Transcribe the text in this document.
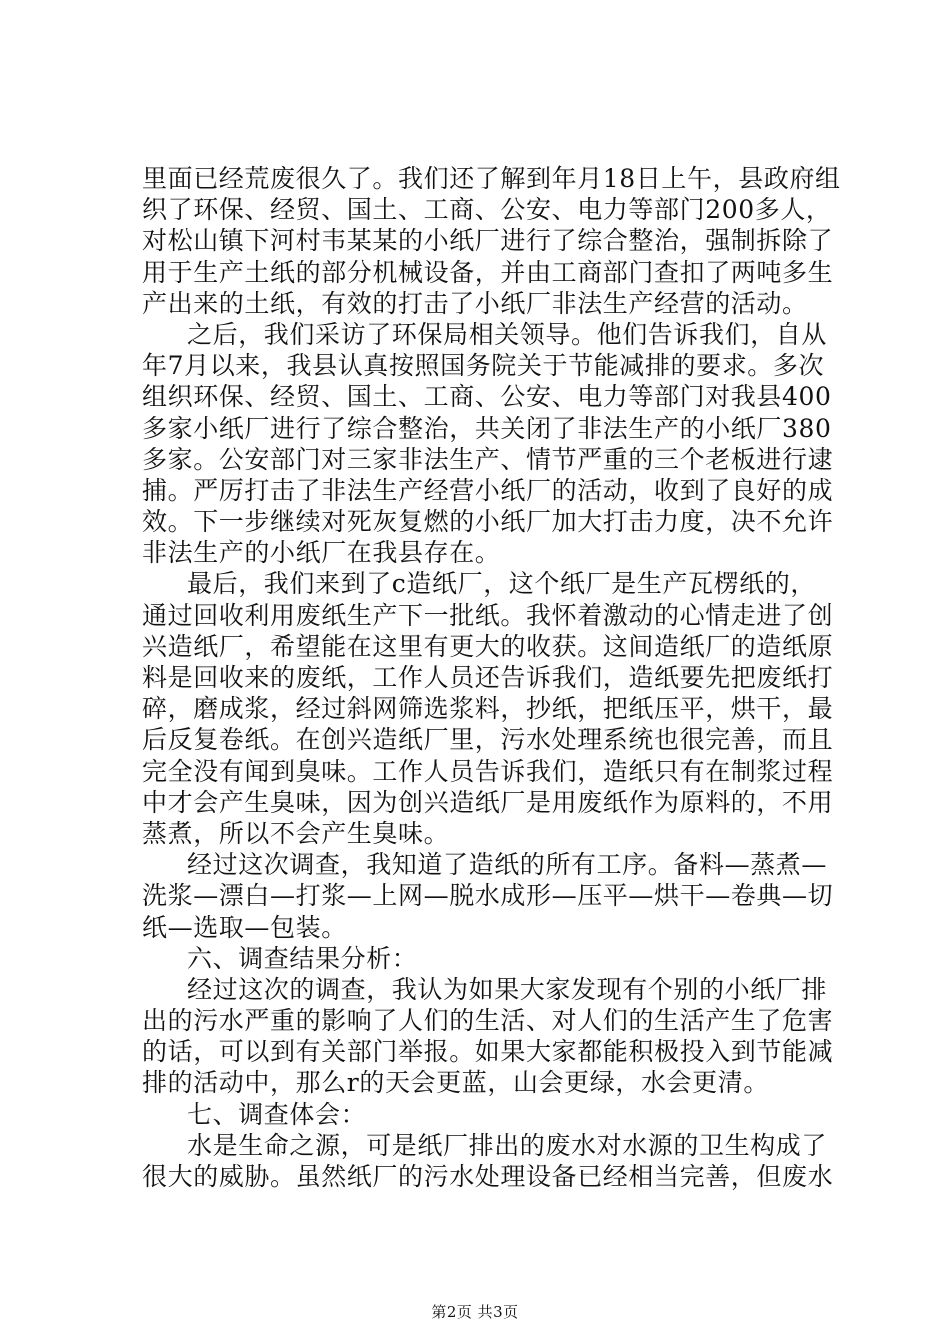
里面已经荒废很久了。我们还了解到年月18日上午，县政府组
织了环保、经贸、国土、工商、公安、电力等部门200多人，
对松山镇下河村韦某某的小纸厂进行了综合整治，强制拆除了
用于生产土纸的部分机械设备，并由工商部门查扣了两吨多生
产出来的土纸，有效的打击了小纸厂非法生产经营的活动。
之后，我们采访了环保局相关领导。他们告诉我们，自从
年7月以来，我县认真按照国务院关于节能减排的要求。多次
组织环保、经贸、国土、工商、公安、电力等部门对我县400
多家小纸厂进行了综合整治，共关闭了非法生产的小纸厂380
多家。公安部门对三家非法生产、情节严重的三个老板进行逮
捕。严厉打击了非法生产经营小纸厂的活动，收到了良好的成
效。下一步继续对死灰复燃的小纸厂加大打击力度，决不允许
非法生产的小纸厂在我县存在。
最后，我们来到了c造纸厂，这个纸厂是生产瓦楞纸的，
通过回收利用废纸生产下一批纸。我怀着激动的心情走进了创
兴造纸厂，希望能在这里有更大的收获。这间造纸厂的造纸原
料是回收来的废纸，工作人员还告诉我们，造纸要先把废纸打
碎，磨成浆，经过斜网筛选浆料，抄纸，把纸压平，烘干，最
后反复卷纸。在创兴造纸厂里，污水处理系统也很完善，而且
完全没有闻到臭味。工作人员告诉我们，造纸只有在制浆过程
中才会产生臭味，因为创兴造纸厂是用废纸作为原料的，不用
蒸煮，所以不会产生臭味。
经过这次调查，我知道了造纸的所有工序。备料—蒸煮—
洗浆—漂白—打浆—上网—脱水成形—压平—烘干—卷典—切
纸—选取—包装。
六、调查结果分析：
经过这次的调查，我认为如果大家发现有个别的小纸厂排
出的污水严重的影响了人们的生活、对人们的生活产生了危害
的话，可以到有关部门举报。如果大家都能积极投入到节能减
排的活动中，那么r的天会更蓝，山会更绿，水会更清。
七、调查体会：
水是生命之源，可是纸厂排出的废水对水源的卫生构成了
很大的威胁。虽然纸厂的污水处理设备已经相当完善，但废水
第2页 共3页
